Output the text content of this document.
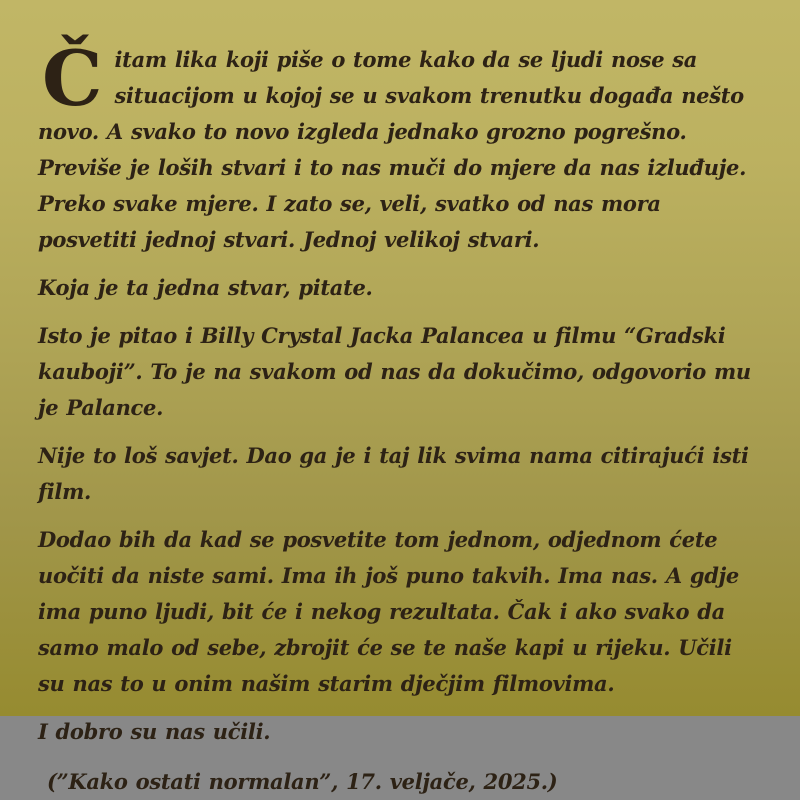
Čitam lika koji piše o tome kako da se ljudi nose sa situacijom u kojoj se u svakom trenutku događa nešto novo. A svako to novo izgleda jednako grozno pogrešno. Previše je loših stvari i to nas muči do mjere da nas izluđuje. Preko svake mjere. I zato se, veli, svatko od nas mora posvetiti jednoj stvari. Jednoj velikoj stvari.

Koja je ta jedna stvar, pitate.

Isto je pitao i Billy Crystal Jacka Palancea u filmu “Gradski kauboji”. To je na svakom od nas da dokučimo, odgovorio mu je Palance.

Nije to loš savjet. Dao ga je i taj lik svima nama citirajući isti film.

Dodao bih da kad se posvetite tom jednom, odjednom ćete uočiti da niste sami. Ima ih još puno takvih. Ima nas. A gdje ima puno ljudi, bit će i nekog rezultata. Čak i ako svako da samo malo od sebe, zbrojit će se te naše kapi u rijeku. Učili su nas to u onim našim starim dječjim filmovima.

I dobro su nas učili.

(”Kako ostati normalan”, 17. veljače, 2025.)
